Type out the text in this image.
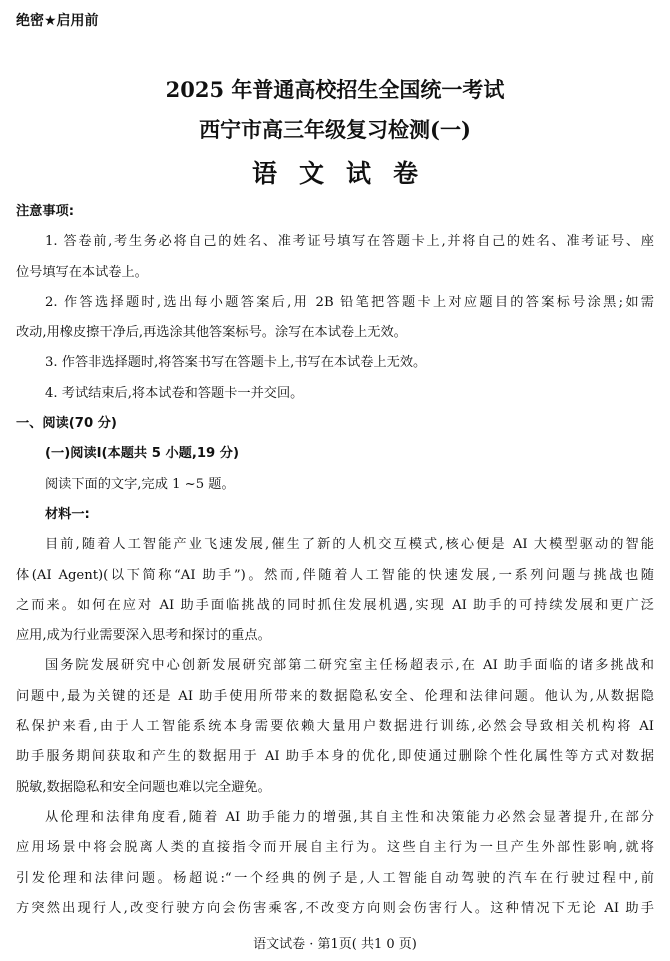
绝密★启用前
2025 年普通高校招生全国统一考试
西宁市高三年级复习检测(一)
语文试卷
注意事项:
1. 答卷前,考生务必将自己的姓名、准考证号填写在答题卡上,并将自己的姓名、准考证号、座
位号填写在本试卷上。
2. 作答选择题时,选出每小题答案后,用 2B 铅笔把答题卡上对应题目的答案标号涂黑;如需
改动,用橡皮擦干净后,再选涂其他答案标号。涂写在本试卷上无效。
3. 作答非选择题时,将答案书写在答题卡上,书写在本试卷上无效。
4. 考试结束后,将本试卷和答题卡一并交回。
一、阅读(70 分)
(一)阅读Ⅰ(本题共 5 小题,19 分)
阅读下面的文字,完成 1 ~5 题。
材料一:
目前,随着人工智能产业飞速发展,催生了新的人机交互模式,核心便是 AI 大模型驱动的智能
体(AI Agent)(以下简称“AI 助手”)。然而,伴随着人工智能的快速发展,一系列问题与挑战也随
之而来。如何在应对 AI 助手面临挑战的同时抓住发展机遇,实现 AI 助手的可持续发展和更广泛
应用,成为行业需要深入思考和探讨的重点。
国务院发展研究中心创新发展研究部第二研究室主任杨超表示,在 AI 助手面临的诸多挑战和
问题中,最为关键的还是 AI 助手使用所带来的数据隐私安全、伦理和法律问题。他认为,从数据隐
私保护来看,由于人工智能系统本身需要依赖大量用户数据进行训练,必然会导致相关机构将 AI
助手服务期间获取和产生的数据用于 AI 助手本身的优化,即使通过删除个性化属性等方式对数据
脱敏,数据隐私和安全问题也难以完全避免。
从伦理和法律角度看,随着 AI 助手能力的增强,其自主性和决策能力必然会显著提升,在部分
应用场景中将会脱离人类的直接指令而开展自主行为。这些自主行为一旦产生外部性影响,就将
引发伦理和法律问题。杨超说:“一个经典的例子是,人工智能自动驾驶的汽车在行驶过程中,前
方突然出现行人,改变行驶方向会伤害乘客,不改变方向则会伤害行人。这种情况下无论 AI 助手
语文试卷 · 第1页( 共1 0 页)
